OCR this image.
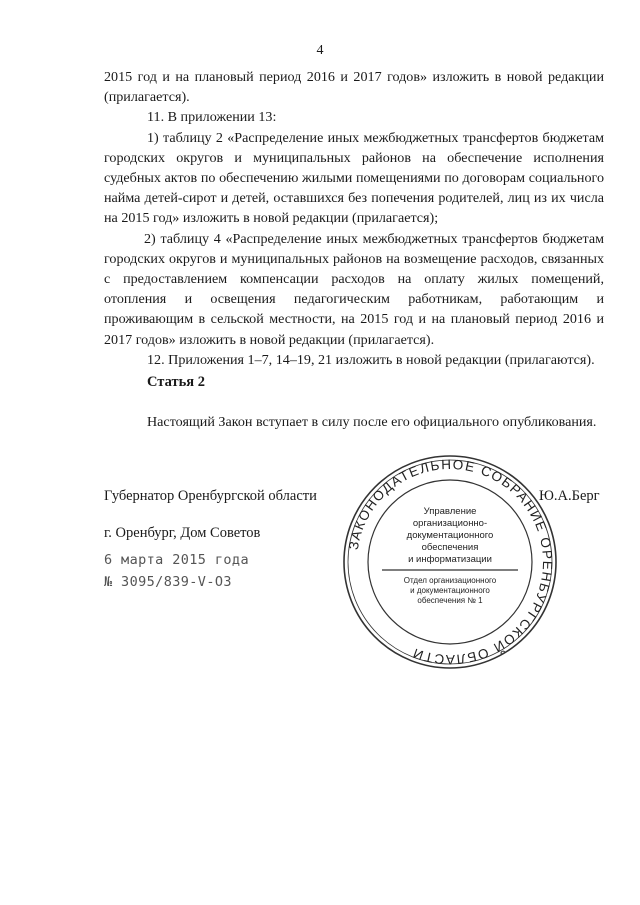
4

2015 год и на плановый период 2016 и 2017 годов» изложить в новой редакции (прилагается).

11. В приложении 13:

1) таблицу 2 «Распределение иных межбюджетных трансфертов бюджетам городских округов и муниципальных районов на обеспечение исполнения судебных актов по обеспечению жилыми помещениями по договорам социального найма детей-сирот и детей, оставшихся без попечения родителей, лиц из их числа на 2015 год» изложить в новой редакции (прилагается);

2) таблицу 4 «Распределение иных межбюджетных трансфертов бюджетам городских округов и муниципальных районов на возмещение расходов, связанных с предоставлением компенсации расходов на оплату жилых помещений, отопления и освещения педагогическим работникам, работающим и проживающим в сельской местности, на 2015 год и на плановый период 2016 и 2017 годов» изложить в новой редакции (прилагается).

12. Приложения 1–7, 14–19, 21 изложить в новой редакции (прилагаются).

Статья 2
Настоящий Закон вступает в силу после его официального опубликования.
Губернатор Оренбургской области	Ю.А.Берг
г. Оренбург, Дом Советов
6 марта 2015 года
№ 3095/839-V-ОЗ
ЗАКОНОДАТЕЛЬНОЕ СОБРАНИЕ ОРЕНБУРГСКОЙ ОБЛАСТИ
Управление
организационно-
документационного
обеспечения
и информатизации
Отдел организационного
и документационного
обеспечения № 1
